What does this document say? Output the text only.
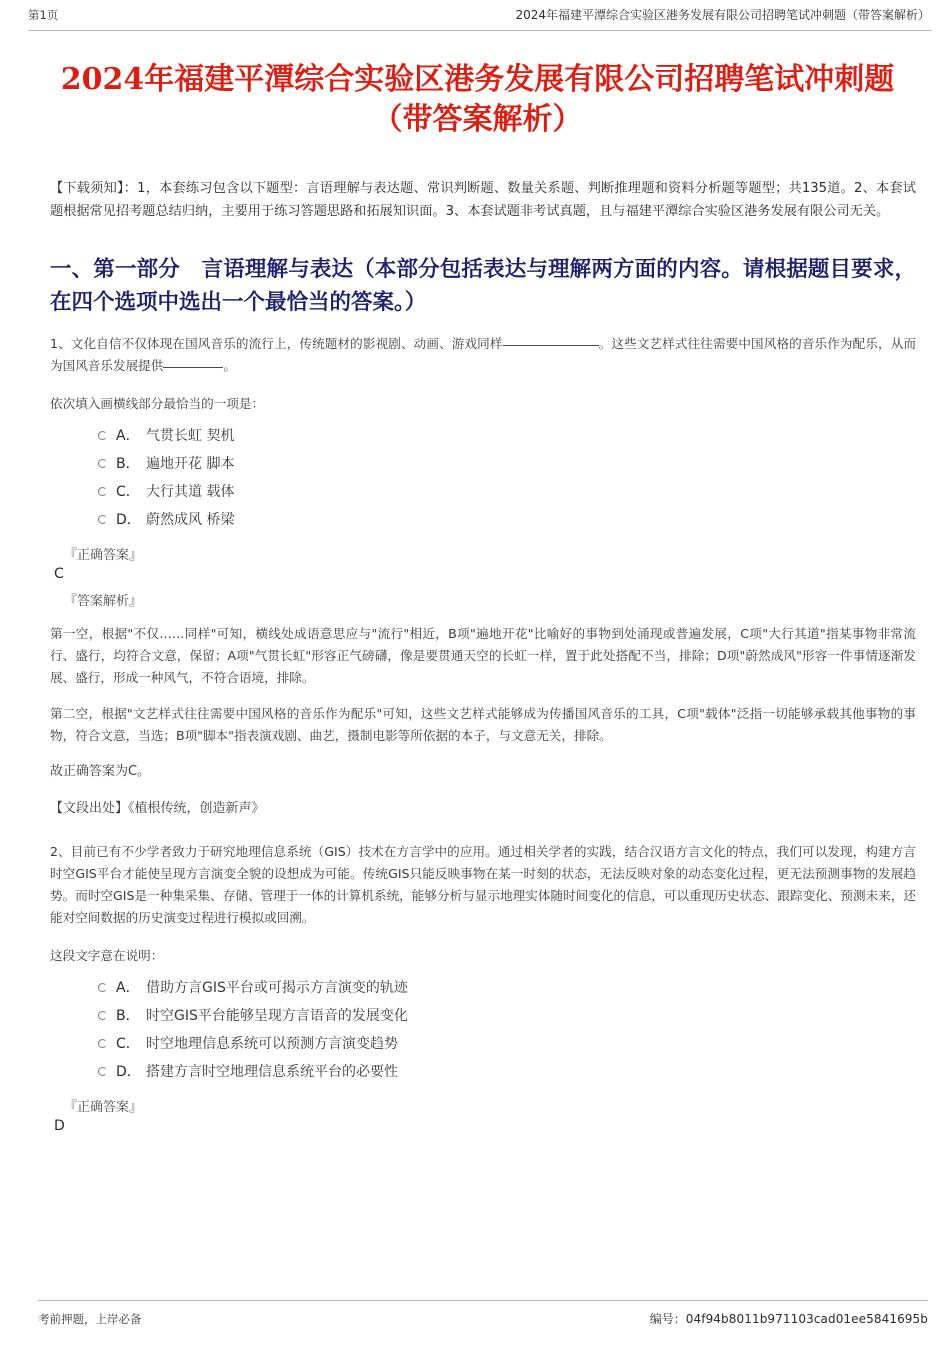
第1页	2024年福建平潭综合实验区港务发展有限公司招聘笔试冲刺题（带答案解析）
2024年福建平潭综合实验区港务发展有限公司招聘笔试冲刺题
（带答案解析）

【下载须知】：1，本套练习包含以下题型：言语理解与表达题、常识判断题、数量关系题、判断推理题和资料分析题等题型；共135道。2、本套试题根据常见招考题总结归纳，主要用于练习答题思路和拓展知识面。3、本套试题非考试真题，且与福建平潭综合实验区港务发展有限公司无关。

一、第一部分　言语理解与表达（本部分包括表达与理解两方面的内容。请根据题目要求，在四个选项中选出一个最恰当的答案。）

1、文化自信不仅体现在国风音乐的流行上，传统题材的影视剧、动画、游戏同样	。这些文艺样式往往需要中国风格的音乐作为配乐，从而为国风音乐发展提供	。

依次填入画横线部分最恰当的一项是：

A． 气贯长虹 契机
B． 遍地开花 脚本
C． 大行其道 载体
D． 蔚然成风 桥梁

『正确答案』

C

『答案解析』

第一空，根据"不仅……同样"可知，横线处成语意思应与"流行"相近，B项"遍地开花"比喻好的事物到处涌现或普遍发展，C项"大行其道"指某事物非常流行、盛行，均符合文意，保留；A项"气贯长虹"形容正气磅礴，像是要贯通天空的长虹一样，置于此处搭配不当，排除；D项"蔚然成风"形容一件事情逐渐发展、盛行，形成一种风气，不符合语境，排除。

第二空，根据"文艺样式往往需要中国风格的音乐作为配乐"可知，这些文艺样式能够成为传播国风音乐的工具，C项"载体"泛指一切能够承载其他事物的事物，符合文意，当选；B项"脚本"指表演戏剧、曲艺，摄制电影等所依据的本子，与文意无关，排除。

故正确答案为C。

【文段出处】《植根传统，创造新声》

2、目前已有不少学者致力于研究地理信息系统（GIS）技术在方言学中的应用。通过相关学者的实践，结合汉语方言文化的特点，我们可以发现，构建方言时空GIS平台才能使呈现方言演变全貌的设想成为可能。传统GIS只能反映事物在某一时刻的状态，无法反映对象的动态变化过程，更无法预测事物的发展趋势。而时空GIS是一种集采集、存储、管理于一体的计算机系统，能够分析与显示地理实体随时间变化的信息，可以重现历史状态、跟踪变化、预测未来，还能对空间数据的历史演变过程进行模拟或回溯。

这段文字意在说明：

A． 借助方言GIS平台或可揭示方言演变的轨迹
B． 时空GIS平台能够呈现方言语音的发展变化
C． 时空地理信息系统可以预测方言演变趋势
D． 搭建方言时空地理信息系统平台的必要性

『正确答案』

D

考前押题，上岸必备	编号：04f94b8011b971103cad01ee5841695b
